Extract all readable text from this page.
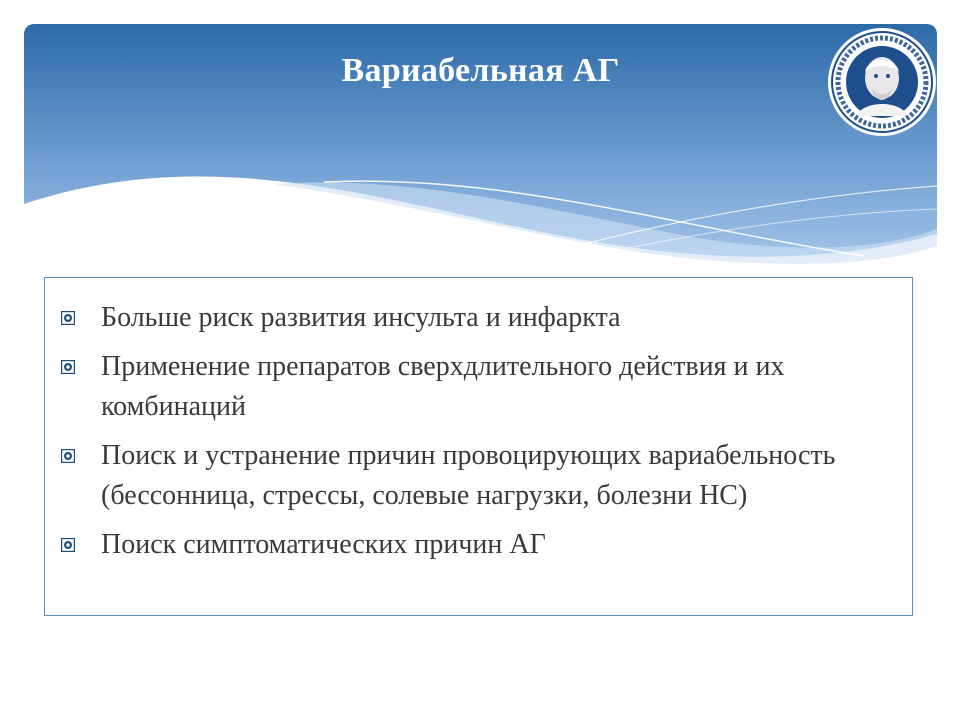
Вариабельная АГ
Больше риск развития инсульта и инфаркта
Применение препаратов сверхдлительного действия и их комбинаций
Поиск и устранение причин провоцирующих вариабельность (бессонница, стрессы, солевые нагрузки, болезни НС)
Поиск симптоматических причин АГ
